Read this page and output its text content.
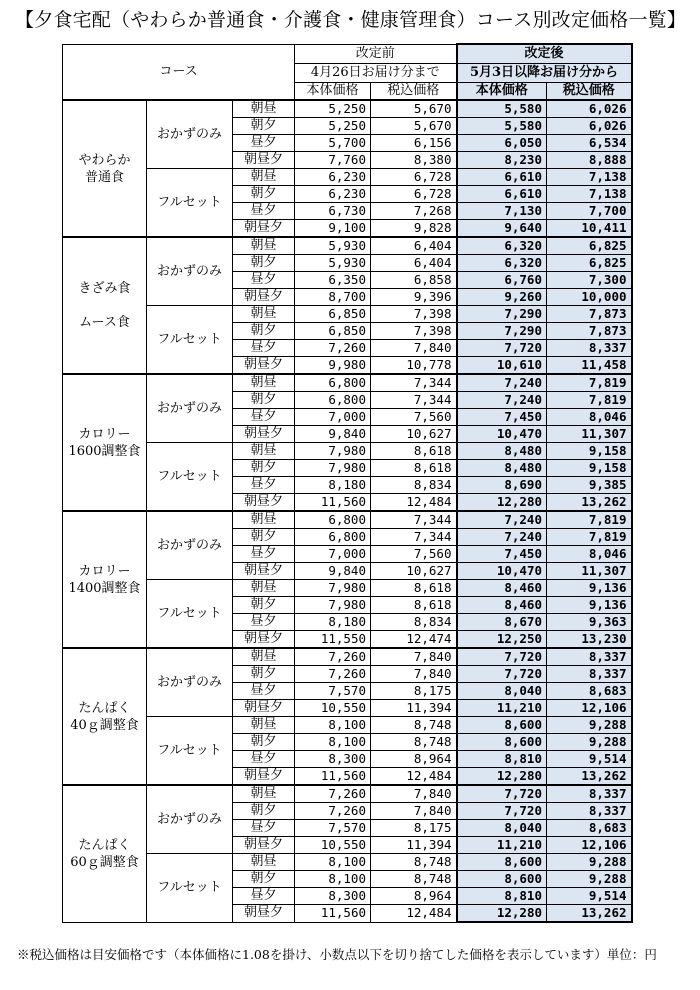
【夕食宅配（やわらか普通食・介護食・健康管理食）コース別改定価格一覧】
コース			改定前		改定後	
			4月26日お届け分まで		5月3日以降お届け分から	
			本体価格	税込価格	本体価格	税込価格

やわらか
普通食	おかずのみ	朝昼	5,250	5,670	5,580	6,026
		朝夕	5,250	5,670	5,580	6,026
		昼夕	5,700	6,156	6,050	6,534
		朝昼夕	7,760	8,380	8,230	8,888
	フルセット	朝昼	6,230	6,728	6,610	7,138
		朝夕	6,230	6,728	6,610	7,138
		昼夕	6,730	7,268	7,130	7,700
		朝昼夕	9,100	9,828	9,640	10,411

きざみ食

ムース食	おかずのみ	朝昼	5,930	6,404	6,320	6,825
		朝夕	5,930	6,404	6,320	6,825
		昼夕	6,350	6,858	6,760	7,300
		朝昼夕	8,700	9,396	9,260	10,000
	フルセット	朝昼	6,850	7,398	7,290	7,873
		朝夕	6,850	7,398	7,290	7,873
		昼夕	7,260	7,840	7,720	8,337
		朝昼夕	9,980	10,778	10,610	11,458

カロリー
1600調整食	おかずのみ	朝昼	6,800	7,344	7,240	7,819
		朝夕	6,800	7,344	7,240	7,819
		昼夕	7,000	7,560	7,450	8,046
		朝昼夕	9,840	10,627	10,470	11,307
	フルセット	朝昼	7,980	8,618	8,480	9,158
		朝夕	7,980	8,618	8,480	9,158
		昼夕	8,180	8,834	8,690	9,385
		朝昼夕	11,560	12,484	12,280	13,262

カロリー
1400調整食	おかずのみ	朝昼	6,800	7,344	7,240	7,819
		朝夕	6,800	7,344	7,240	7,819
		昼夕	7,000	7,560	7,450	8,046
		朝昼夕	9,840	10,627	10,470	11,307
	フルセット	朝昼	7,980	8,618	8,460	9,136
		朝夕	7,980	8,618	8,460	9,136
		昼夕	8,180	8,834	8,670	9,363
		朝昼夕	11,550	12,474	12,250	13,230

たんぱく
40ｇ調整食	おかずのみ	朝昼	7,260	7,840	7,720	8,337
		朝夕	7,260	7,840	7,720	8,337
		昼夕	7,570	8,175	8,040	8,683
		朝昼夕	10,550	11,394	11,210	12,106
	フルセット	朝昼	8,100	8,748	8,600	9,288
		朝夕	8,100	8,748	8,600	9,288
		昼夕	8,300	8,964	8,810	9,514
		朝昼夕	11,560	12,484	12,280	13,262

たんぱく
60ｇ調整食	おかずのみ	朝昼	7,260	7,840	7,720	8,337
		朝夕	7,260	7,840	7,720	8,337
		昼夕	7,570	8,175	8,040	8,683
		朝昼夕	10,550	11,394	11,210	12,106
	フルセット	朝昼	8,100	8,748	8,600	9,288
		朝夕	8,100	8,748	8,600	9,288
		昼夕	8,300	8,964	8,810	9,514
		朝昼夕	11,560	12,484	12,280	13,262
※税込価格は目安価格です（本体価格に1.08を掛け、小数点以下を切り捨てした価格を表示しています）単位：円
